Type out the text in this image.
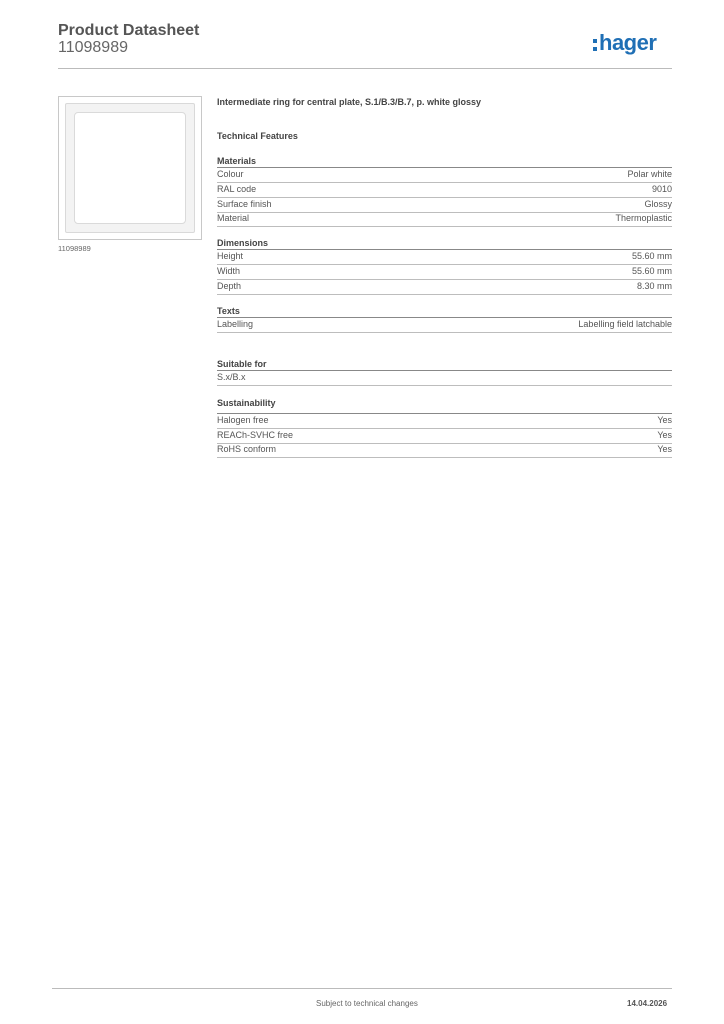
Product Datasheet
11098989	hager
11098989
Intermediate ring for central plate, S.1/B.3/B.7, p. white glossy
Technical Features
Materials
Colour	Polar white
RAL code	9010
Surface finish	Glossy
Material	Thermoplastic
Dimensions
Height	55.60 mm
Width	55.60 mm
Depth	8.30 mm
Texts
Labelling	Labelling field latchable
Suitable for
S.x/B.x
Sustainability
Halogen free	Yes
REACh-SVHC free	Yes
RoHS conform	Yes
Subject to technical changes	14.04.2026
